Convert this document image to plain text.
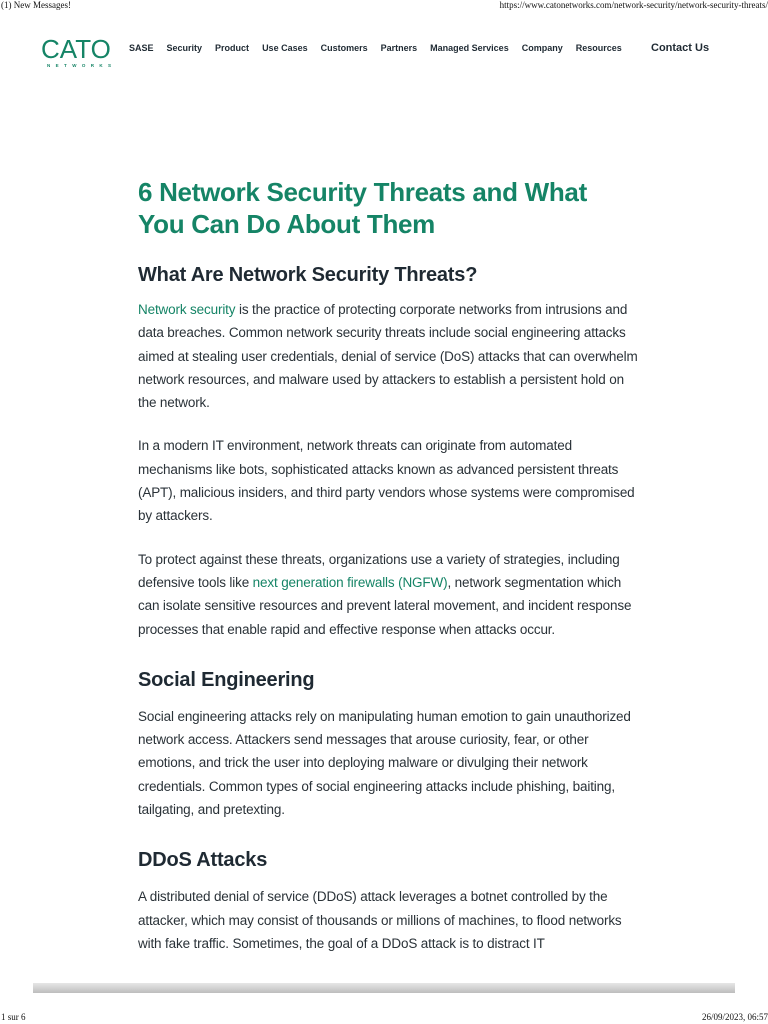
(1) New Messages!	https://www.catonetworks.com/network-security/network-security-threats/
CATO
NETWORKS
SASE Security Product Use Cases Customers Partners Managed Services Company Resources	Contact Us
6 Network Security Threats and What You Can Do About Them
What Are Network Security Threats?

Network security is the practice of protecting corporate networks from intrusions and data breaches. Common network security threats include social engineering attacks aimed at stealing user credentials, denial of service (DoS) attacks that can overwhelm network resources, and malware used by attackers to establish a persistent hold on the network.

In a modern IT environment, network threats can originate from automated mechanisms like bots, sophisticated attacks known as advanced persistent threats (APT), malicious insiders, and third party vendors whose systems were compromised by attackers.

To protect against these threats, organizations use a variety of strategies, including defensive tools like next generation firewalls (NGFW), network segmentation which can isolate sensitive resources and prevent lateral movement, and incident response processes that enable rapid and effective response when attacks occur.

Social Engineering

Social engineering attacks rely on manipulating human emotion to gain unauthorized network access. Attackers send messages that arouse curiosity, fear, or other emotions, and trick the user into deploying malware or divulging their network credentials. Common types of social engineering attacks include phishing, baiting, tailgating, and pretexting.

DDoS Attacks

A distributed denial of service (DDoS) attack leverages a botnet controlled by the attacker, which may consist of thousands or millions of machines, to flood networks with fake traffic. Sometimes, the goal of a DDoS attack is to distract IT

1 sur 6	26/09/2023, 06:57
